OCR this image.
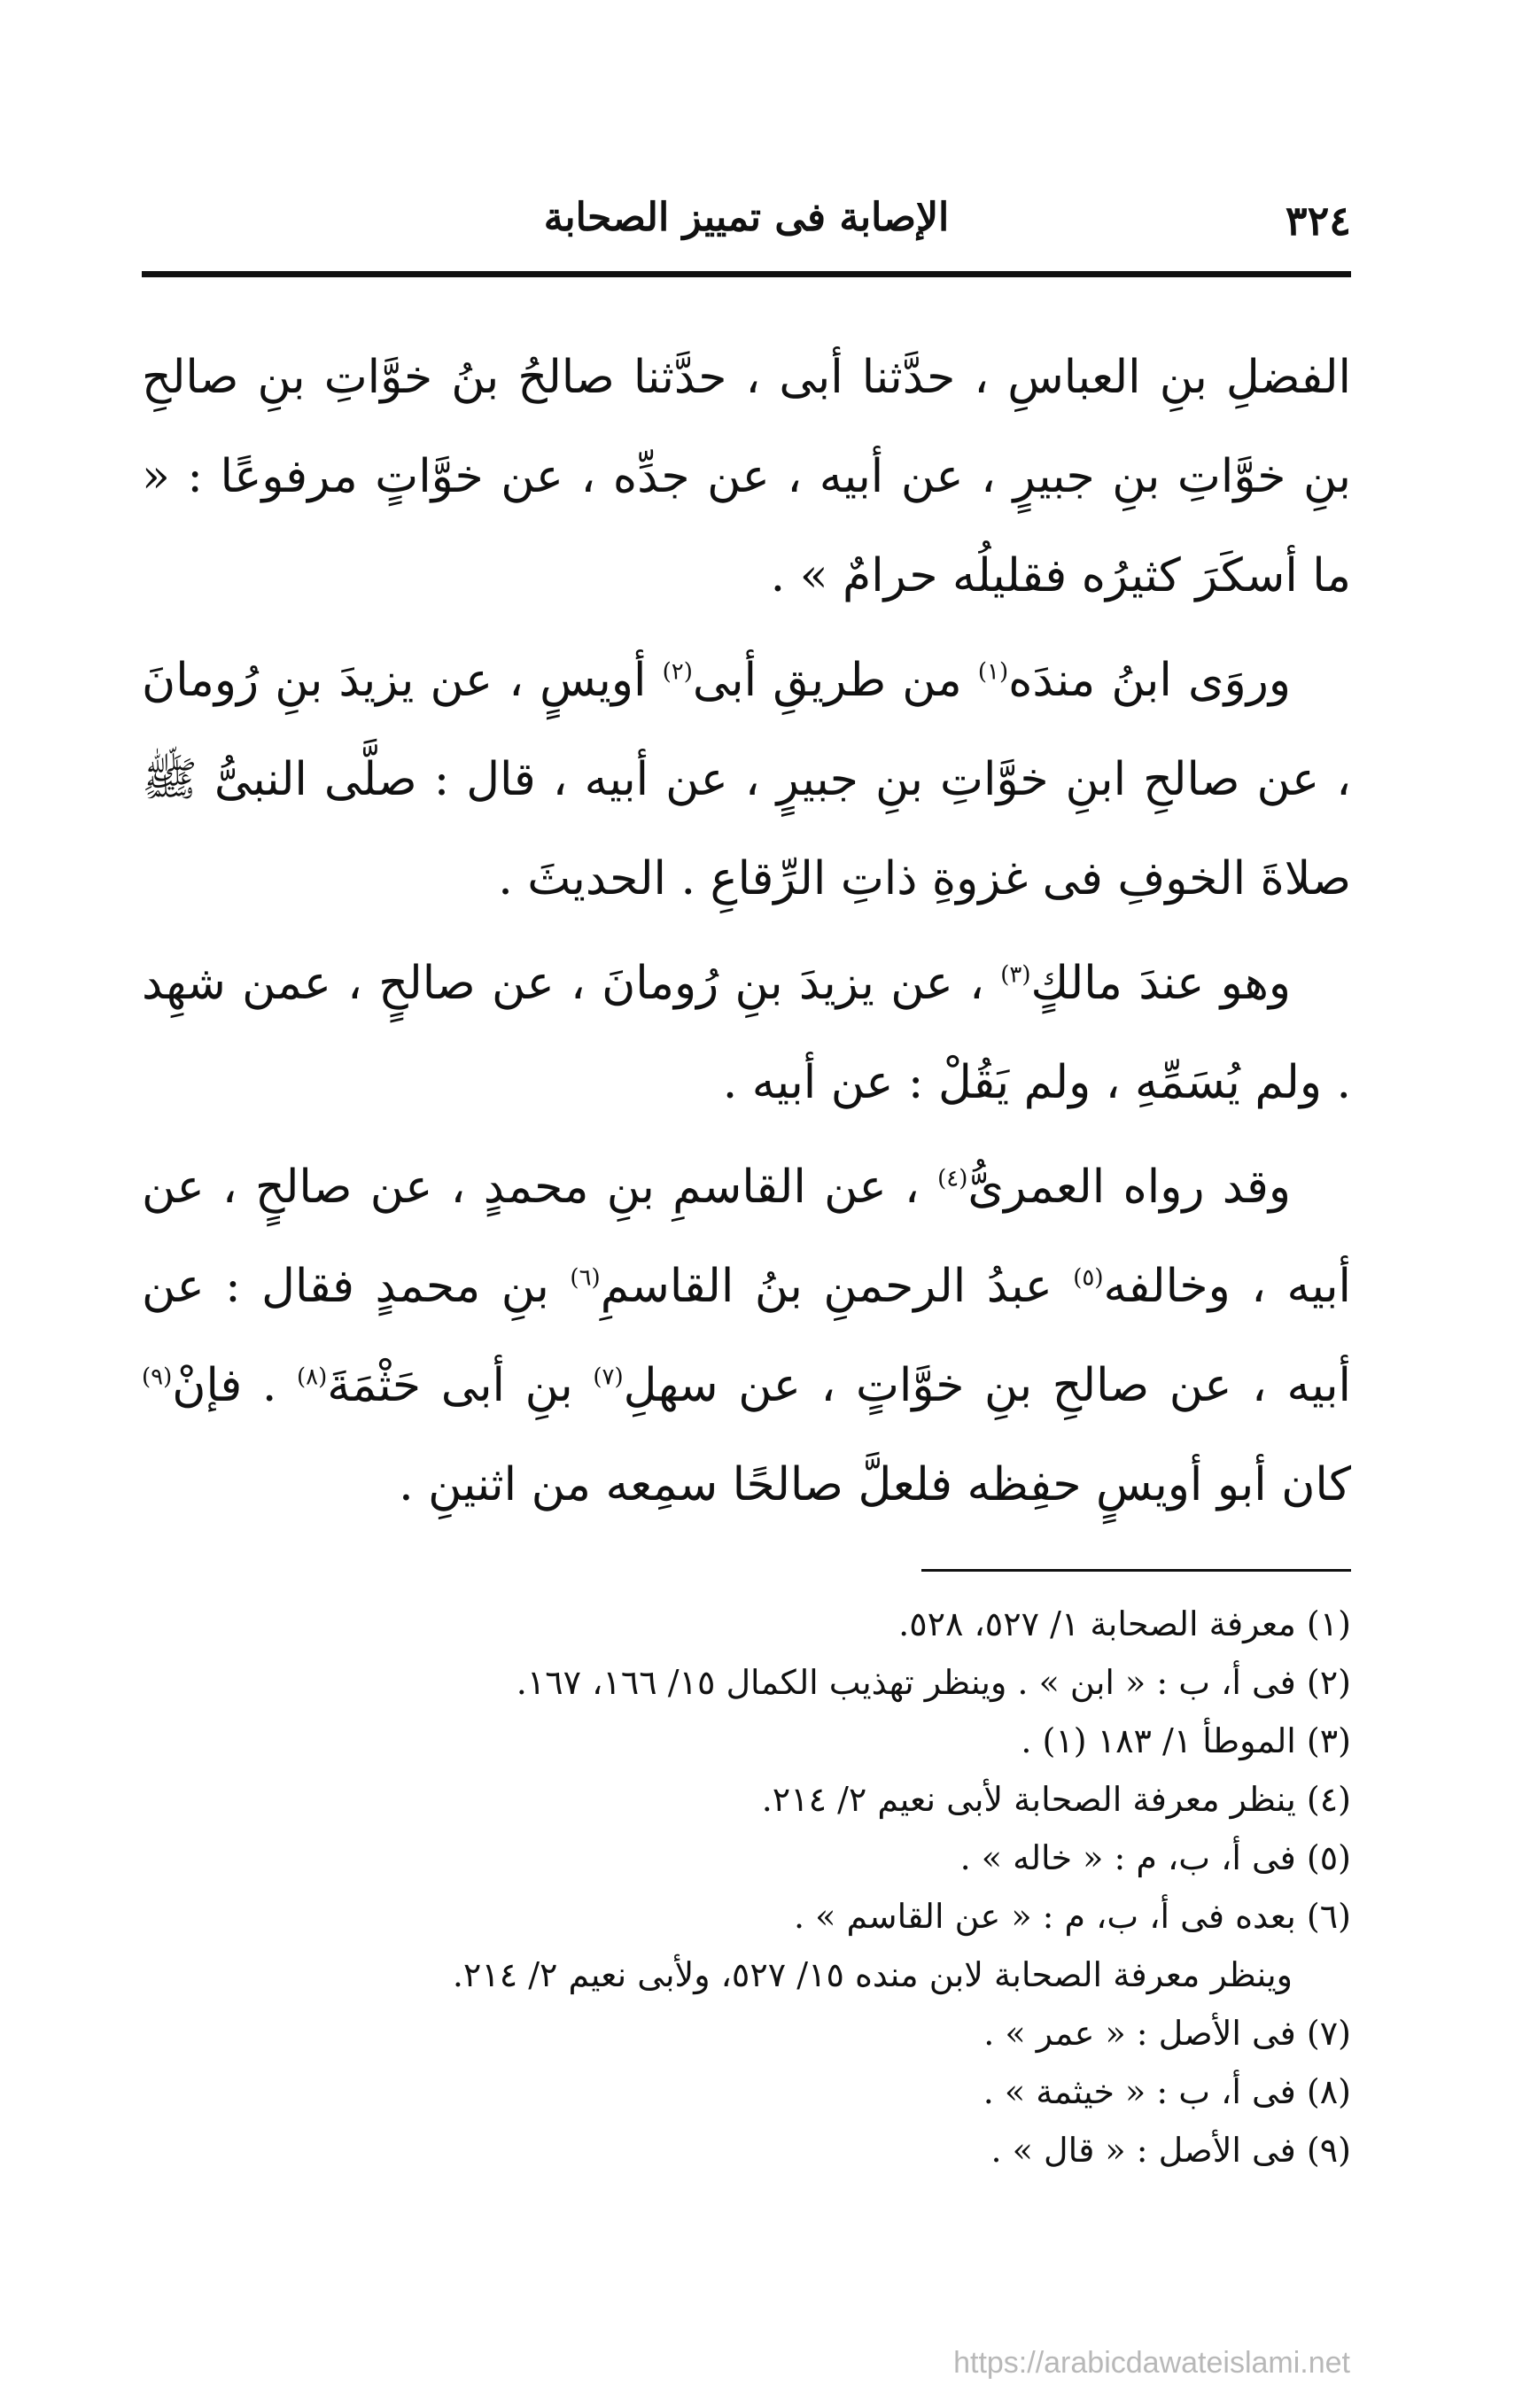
٣٢٤
الإصابة فى تمييز الصحابة

الفضلِ بنِ العباسِ ، حدَّثنا أبى ، حدَّثنا صالحُ بنُ خوَّاتِ بنِ صالحِ بنِ خوَّاتِ بنِ جبيرٍ ، عن أبيه ، عن جدِّه ، عن خوَّاتٍ مرفوعًا : « ما أسكَرَ كثيرُه فقليلُه حرامٌ » .

وروَى ابنُ مندَه$^{(١)}$ من طريقِ أبى$^{(٢)}$ أويسٍ ، عن يزيدَ بنِ رُومانَ ، عن صالحِ ابنِ خوَّاتِ بنِ جبيرٍ ، عن أبيه ، قال : صلَّى النبىُّ ﷺ صلاةَ الخوفِ فى غزوةِ ذاتِ الرِّقاعِ . الحديثَ .

وهو عندَ مالكٍ$^{(٣)}$ ، عن يزيدَ بنِ رُومانَ ، عن صالحٍ ، عمن شهِد . ولم يُسَمِّهِ ، ولم يَقُلْ : عن أبيه .

وقد رواه العمرىُّ$^{(٤)}$ ، عن القاسمِ بنِ محمدٍ ، عن صالحٍ ، عن أبيه ، وخالفه$^{(٥)}$ عبدُ الرحمنِ بنُ القاسمِ$^{(٦)}$ بنِ محمدٍ فقال : عن أبيه ، عن صالحِ بنِ خوَّاتٍ ، عن سهلِ$^{(٧)}$ بنِ أبى حَثْمَةَ$^{(٨)}$ . فإنْ$^{(٩)}$ كان أبو أويسٍ حفِظه فلعلَّ صالحًا سمِعه من اثنينِ .

(١) معرفة الصحابة ١/ ٥٢٧، ٥٢٨.
(٢) فى أ، ب : « ابن » . وينظر تهذيب الكمال ١٥/ ١٦٦، ١٦٧.
(٣) الموطأ ١/ ١٨٣ (١) .
(٤) ينظر معرفة الصحابة لأبى نعيم ٢/ ٢١٤.
(٥) فى أ، ب، م : « خاله » .
(٦) بعده فى أ، ب، م : « عن القاسم » .
وينظر معرفة الصحابة لابن منده ١٥/ ٥٢٧، ولأبى نعيم ٢/ ٢١٤.
(٧) فى الأصل : « عمر » .
(٨) فى أ، ب : « خيثمة » .
(٩) فى الأصل : « قال » .
https://arabicdawateislami.net
